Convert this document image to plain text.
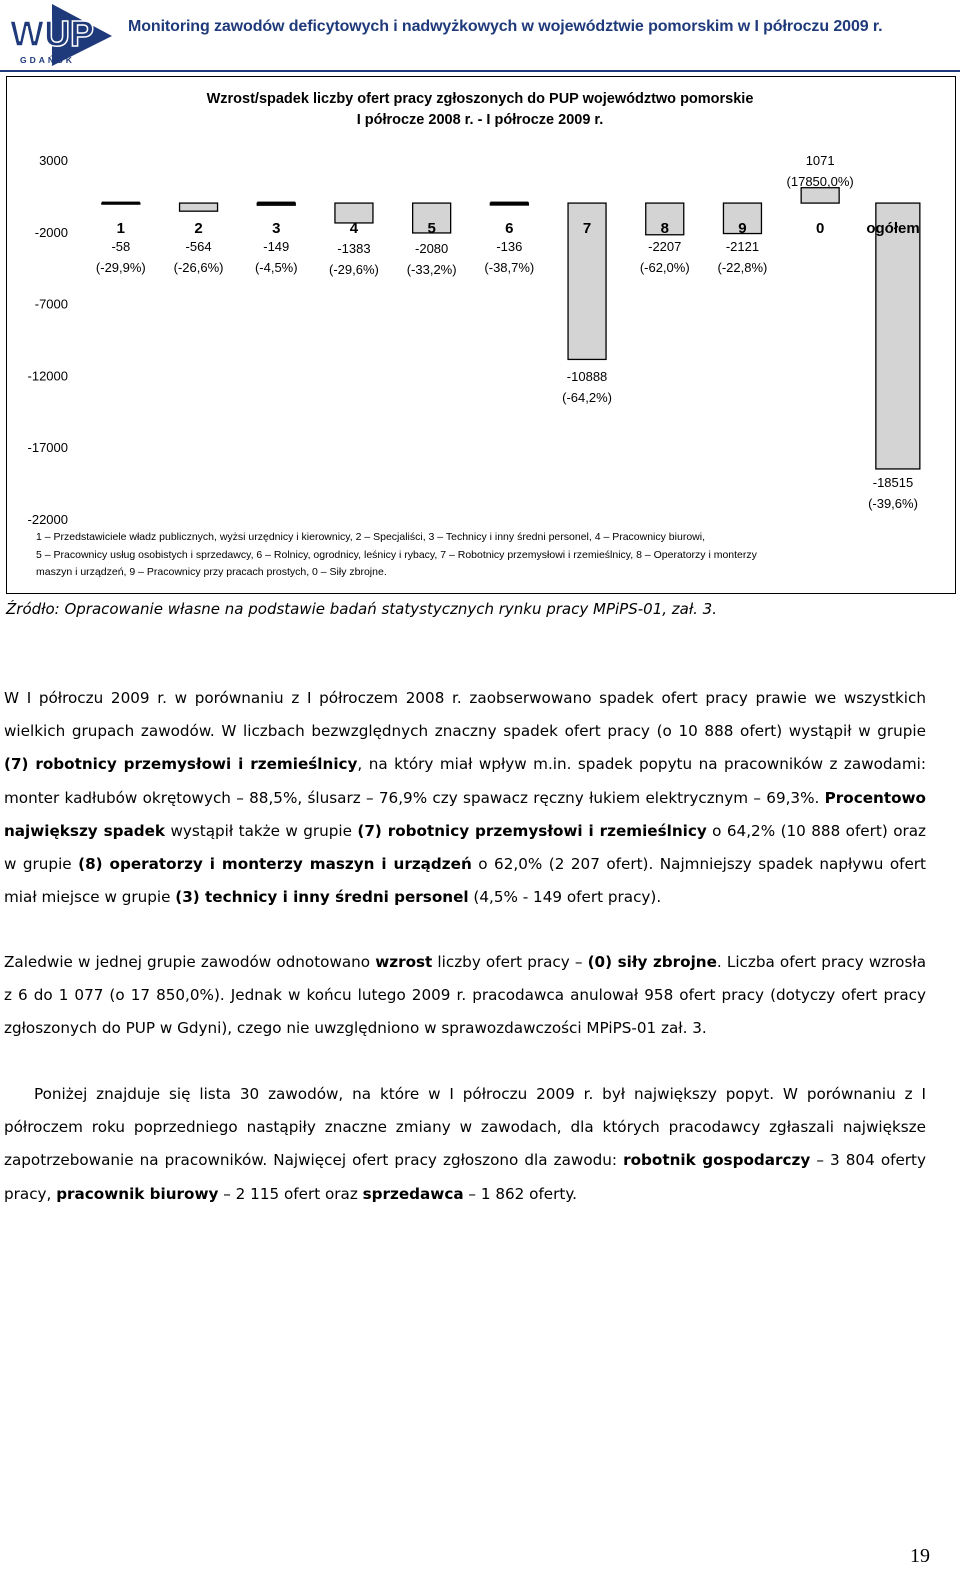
WUP
GDAŃSK
Monitoring zawodów deficytowych i nadwyżkowych w województwie pomorskim w I półroczu 2009 r.
Wzrost/spadek liczby ofert pracy zgłoszonych do PUP województwo pomorskie
I półrocze 2008 r. - I półrocze 2009 r.
3000
-2000
-7000
-12000
-17000
-22000
1	2	3	4	5	6	7	8	9	0	ogółem
-58
(-29,9%)
-564
(-26,6%)
-149
(-4,5%)
-1383
(-29,6%)
-2080
(-33,2%)
-136
(-38,7%)
-10888
(-64,2%)
-2207
(-62,0%)
-2121
(-22,8%)
1071
(17850,0%)
-18515
(-39,6%)
1 – Przedstawiciele władz publicznych, wyżsi urzędnicy i kierownicy, 2 – Specjaliści, 3 – Technicy i inny średni personel, 4 – Pracownicy biurowi,
5 – Pracownicy usług osobistych i sprzedawcy, 6 – Rolnicy, ogrodnicy, leśnicy i rybacy, 7 – Robotnicy przemysłowi i rzemieślnicy, 8 – Operatorzy i monterzy
maszyn i urządzeń, 9 – Pracownicy przy pracach prostych, 0 – Siły zbrojne.
Źródło: Opracowanie własne na podstawie badań statystycznych rynku pracy MPiPS-01, zał. 3.
W I półroczu 2009 r. w porównaniu z I półroczem 2008 r. zaobserwowano spadek ofert pracy prawie we wszystkich wielkich grupach zawodów. W liczbach bezwzględnych znaczny spadek ofert pracy (o 10 888 ofert) wystąpił w grupie (7) robotnicy przemysłowi i rzemieślnicy, na który miał wpływ m.in. spadek popytu na pracowników z zawodami: monter kadłubów okrętowych – 88,5%, ślusarz – 76,9% czy spawacz ręczny łukiem elektrycznym – 69,3%. Procentowo największy spadek wystąpił także w grupie (7) robotnicy przemysłowi i rzemieślnicy o 64,2% (10 888 ofert) oraz w grupie (8) operatorzy i monterzy maszyn i urządzeń o 62,0% (2 207 ofert). Najmniejszy spadek napływu ofert miał miejsce w grupie (3) technicy i inny średni personel (4,5% - 149 ofert pracy).
Zaledwie w jednej grupie zawodów odnotowano wzrost liczby ofert pracy – (0) siły zbrojne. Liczba ofert pracy wzrosła z 6 do 1 077 (o 17 850,0%). Jednak w końcu lutego 2009 r. pracodawca anulował 958 ofert pracy (dotyczy ofert pracy zgłoszonych do PUP w Gdyni), czego nie uwzględniono w sprawozdawczości MPiPS-01 zał. 3.
Poniżej znajduje się lista 30 zawodów, na które w I półroczu 2009 r. był największy popyt. W porównaniu z I półroczem roku poprzedniego nastąpiły znaczne zmiany w zawodach, dla których pracodawcy zgłaszali największe zapotrzebowanie na pracowników. Najwięcej ofert pracy zgłoszono dla zawodu: robotnik gospodarczy – 3 804 oferty pracy, pracownik biurowy – 2 115 ofert oraz sprzedawca – 1 862 oferty.
19
